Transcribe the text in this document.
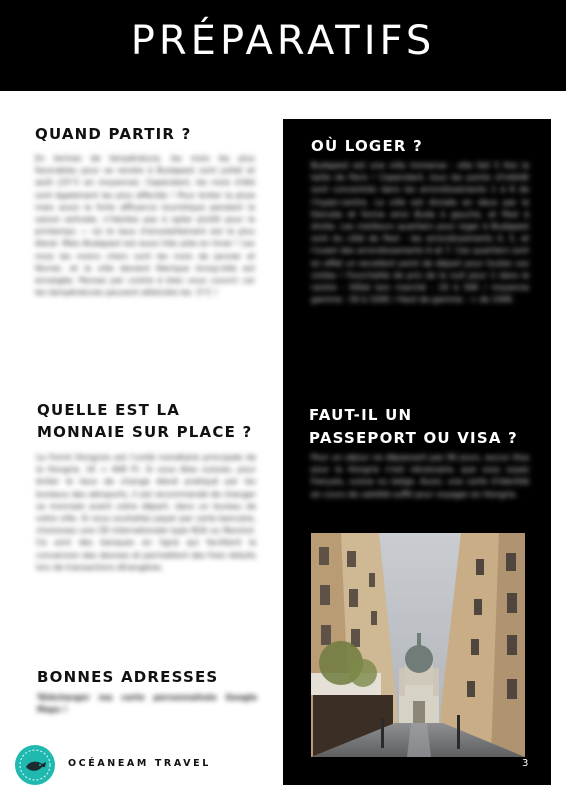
PRÉPARATIFS
QUAND PARTIR ?
En termes de température, les mois les plus favorables pour se rendre à Budapest sont juillet et août (25°C en moyenne). Cependant, les mois d'été sont également les plus affectés ! Pour éviter la pluie mais aussi la forte affluence touristique pendant la saison estivale, n'hésitez pas à opter plutôt pour le printemps — où le taux d'ensoleillement est le plus élevé. Mais Budapest est aussi très jolie en hiver ! Les mois les moins chers sont les mois de janvier et février, et la ville devient féerique lorsqu'elle est enneigée. Pensez par contre à bien vous couvrir car les températures peuvent atteindre les -5°C !
QUELLE EST LA
MONNAIE SUR PLACE ?
Le Forint Hongrois est l'unité monétaire principale de la Hongrie. 1€ = 408 Ft. Si vous êtes suisses, pour éviter le taux de change élevé pratiqué par les bureaux des aéroports, il est recommandé de changer sa monnaie avant votre départ, dans un bureau de votre ville. Si vous souhaitez payer par carte bancaire, choisissez une CB internationale type N26 ou Revolut. Ce sont des banques en ligne qui facilitent la conversion des devises et permettent des frais réduits lors de transactions étrangères.
BONNES ADRESSES
Télécharger ma carte personnalisée Google Maps !
OÙ LOGER ?
Budapest est une ville immense : elle fait 5 fois la taille de Paris ! Cependant, tous les points d'intérêt sont concentrés dans les arrondissements 1 à 8 de l'hyper-centre. La ville est divisée en deux par le Danube et forme ainsi Buda à gauche, et Pest à droite. Les meilleurs quartiers pour loger à Budapest sont du côté de Pest : les arrondissements 4, 5, et l'ouest des arrondissements 6 et 7. Ces quartiers sont en effet un excellent point de départ pour toutes vos visites ! Fourchette de prix de la nuit pour 2 dans le centre : Hôtel bon marché : 20 à 50€ / moyenne gamme : 50 à 100€ / Haut de gamme : + de 100€.
FAUT-IL UN
PASSEPORT OU VISA ?
Pour un séjour ne dépassant pas 90 jours, aucun Visa pour la Hongrie n'est nécessaire, que vous soyez français, suisse ou belge. Aussi, une carte d'identité en cours de validité suffit pour voyager en Hongrie.
3
OCÉANEAM TRAVEL
